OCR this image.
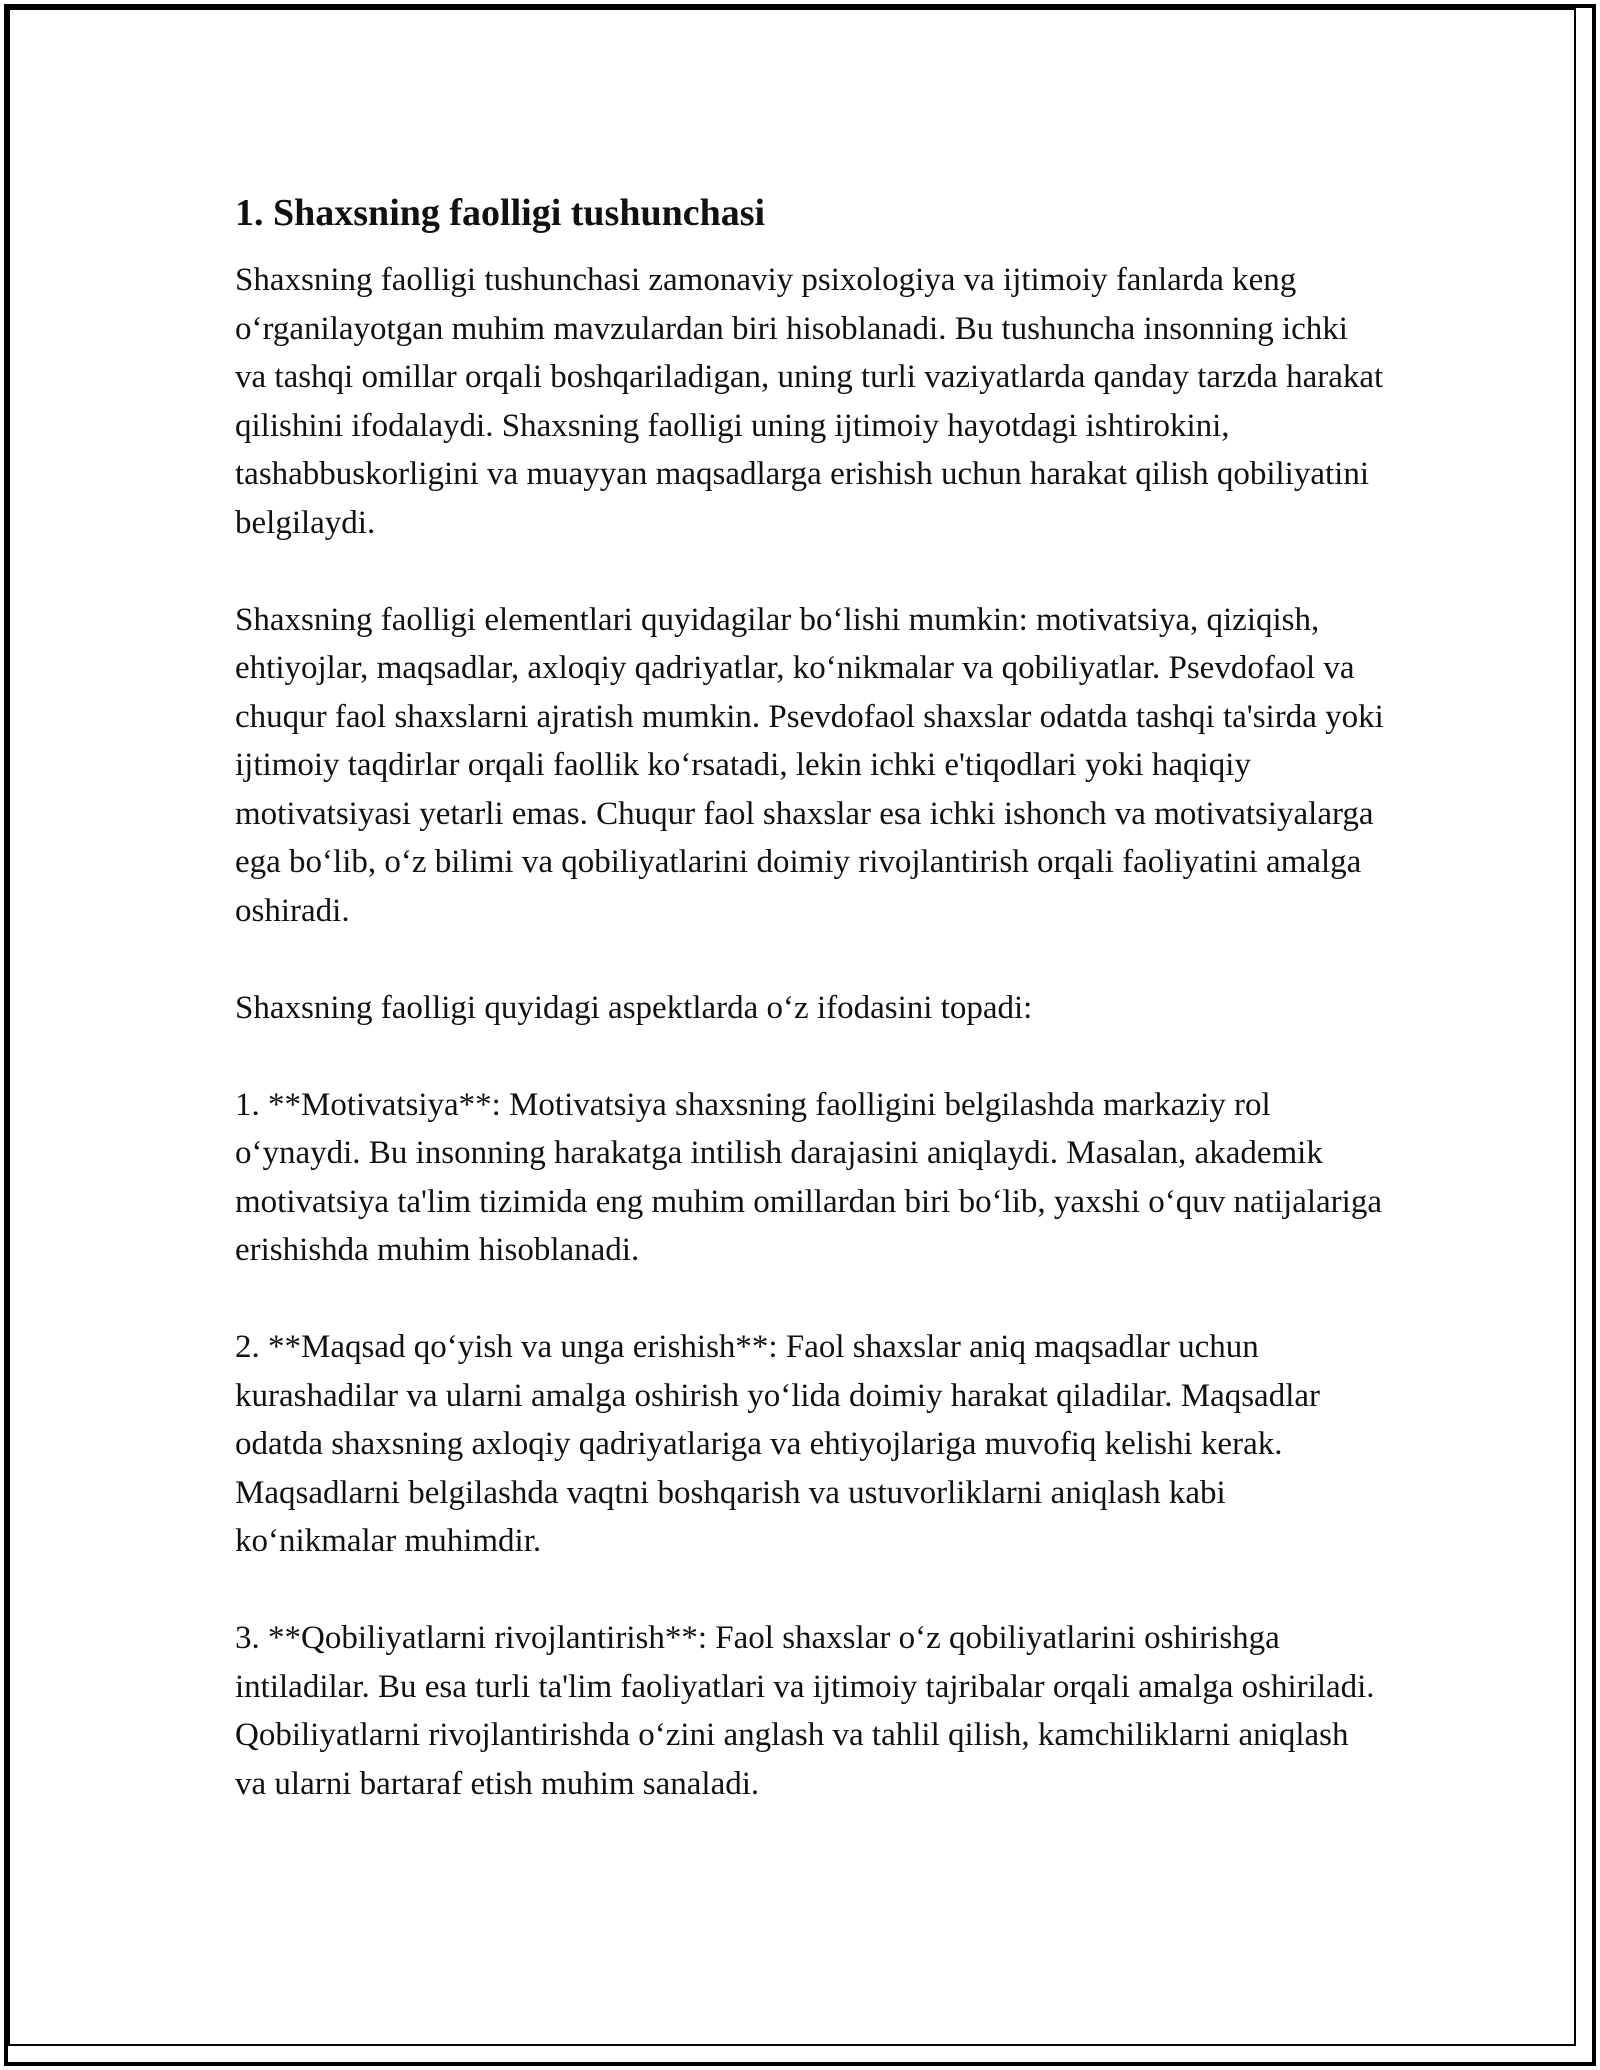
1. Shaxsning faolligi tushunchasi

Shaxsning faolligi tushunchasi zamonaviy psixologiya va ijtimoiy fanlarda keng o‘rganilayotgan muhim mavzulardan biri hisoblanadi. Bu tushuncha insonning ichki va tashqi omillar orqali boshqariladigan, uning turli vaziyatlarda qanday tarzda harakat qilishini ifodalaydi. Shaxsning faolligi uning ijtimoiy hayotdagi ishtirokini, tashabbuskorligini va muayyan maqsadlarga erishish uchun harakat qilish qobiliyatini belgilaydi.

Shaxsning faolligi elementlari quyidagilar bo‘lishi mumkin: motivatsiya, qiziqish, ehtiyojlar, maqsadlar, axloqiy qadriyatlar, ko‘nikmalar va qobiliyatlar. Psevdofaol va chuqur faol shaxslarni ajratish mumkin. Psevdofaol shaxslar odatda tashqi ta'sirda yoki ijtimoiy taqdirlar orqali faollik ko‘rsatadi, lekin ichki e'tiqodlari yoki haqiqiy motivatsiyasi yetarli emas. Chuqur faol shaxslar esa ichki ishonch va motivatsiyalarga ega bo‘lib, o‘z bilimi va qobiliyatlarini doimiy rivojlantirish orqali faoliyatini amalga oshiradi.

Shaxsning faolligi quyidagi aspektlarda o‘z ifodasini topadi:

1. **Motivatsiya**: Motivatsiya shaxsning faolligini belgilashda markaziy rol o‘ynaydi. Bu insonning harakatga intilish darajasini aniqlaydi. Masalan, akademik motivatsiya ta'lim tizimida eng muhim omillardan biri bo‘lib, yaxshi o‘quv natijalariga erishishda muhim hisoblanadi.

2. **Maqsad qo‘yish va unga erishish**: Faol shaxslar aniq maqsadlar uchun kurashadilar va ularni amalga oshirish yo‘lida doimiy harakat qiladilar. Maqsadlar odatda shaxsning axloqiy qadriyatlariga va ehtiyojlariga muvofiq kelishi kerak. Maqsadlarni belgilashda vaqtni boshqarish va ustuvorliklarni aniqlash kabi ko‘nikmalar muhimdir.

3. **Qobiliyatlarni rivojlantirish**: Faol shaxslar o‘z qobiliyatlarini oshirishga intiladilar. Bu esa turli ta'lim faoliyatlari va ijtimoiy tajribalar orqali amalga oshiriladi. Qobiliyatlarni rivojlantirishda o‘zini anglash va tahlil qilish, kamchiliklarni aniqlash va ularni bartaraf etish muhim sanaladi.
